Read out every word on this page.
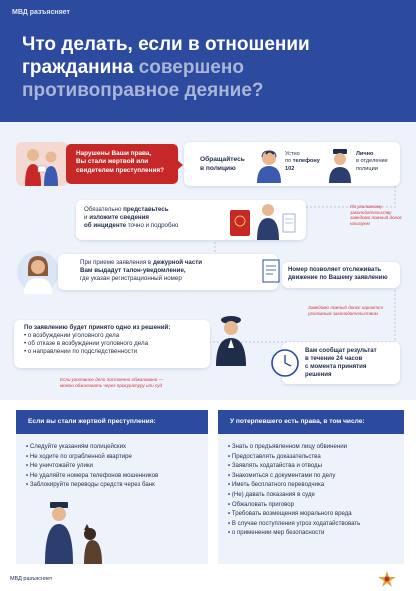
МВД разъясняет
Что делать, если в отношении
гражданина совершено
противоправное деяние?
Нарушены Ваши права,
Вы стали жертвой или
свидетелем преступления?
Обращайтесь
в полицию
Устно
по телефону
102
Лично
в отделение
полиции
Обязательно представьтесь
и изложите сведения
об инциденте точно и подробно
По уголовному законодательству заведомо ложный донос наказуем
При приеме заявления в дежурной части
Вам выдадут талон-уведомление,
где указан регистрационный номер
Номер позволяет отслеживать
движение по Вашему заявлению
Заведомо ложный донос карается уголовным законодательством
По заявлению будет принято одно из решений:
• о возбуждении уголовного дела
• об отказе в возбуждении уголовного дела
• о направлении по подследственности
Если уголовное дело постоянно обжаловано — можно обжаловать через прокуратуру или суд
Вам сообщат результат
в течение 24 часов
с момента принятия
решения
Если вы стали жертвой преступления:
• Следуйте указаниям полицейских
• Не ходите по ограбленной квартире
• Не уничтожайте улики
• Не удаляйте номера телефонов мошенников
• Заблокируйте переводы средств через банк
У потерпевшего есть права, в том числе:
• Знать о предъявленном лицу обвинении
• Предоставлять доказательства
• Заявлять ходатайства и отводы
• Знакомиться с документами по делу
• Иметь бесплатного переводчика
• (Не) давать показания в суде
• Обжаловать приговор
• Требовать возмещения морального вреда
• В случае поступления угроз ходатайствовать
• о применении мер безопасности
МВД разъясняет
